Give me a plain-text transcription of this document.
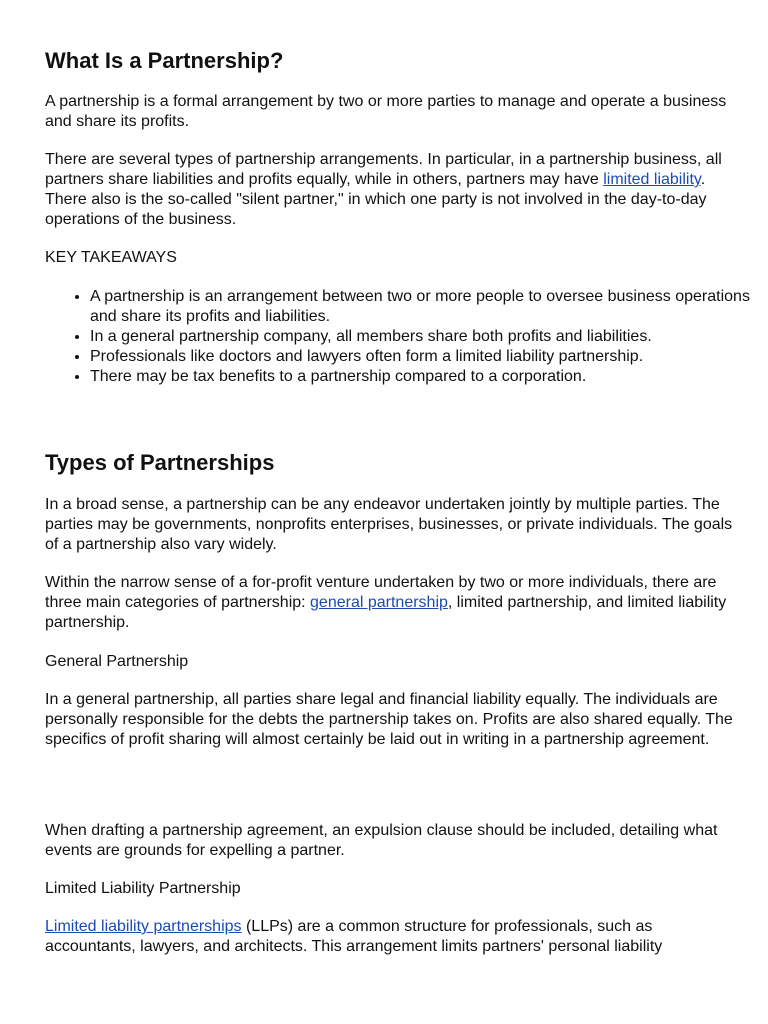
What Is a Partnership?

A partnership is a formal arrangement by two or more parties to manage and operate a business and share its profits.

There are several types of partnership arrangements. In particular, in a partnership business, all partners share liabilities and profits equally, while in others, partners may have limited liability. There also is the so-called "silent partner," in which one party is not involved in the day-to-day operations of the business.

KEY TAKEAWAYS

• A partnership is an arrangement between two or more people to oversee business operations and share its profits and liabilities.
• In a general partnership company, all members share both profits and liabilities.
• Professionals like doctors and lawyers often form a limited liability partnership.
• There may be tax benefits to a partnership compared to a corporation.
Types of Partnerships

In a broad sense, a partnership can be any endeavor undertaken jointly by multiple parties. The parties may be governments, nonprofits enterprises, businesses, or private individuals. The goals of a partnership also vary widely.

Within the narrow sense of a for-profit venture undertaken by two or more individuals, there are three main categories of partnership: general partnership, limited partnership, and limited liability partnership.

General Partnership

In a general partnership, all parties share legal and financial liability equally. The individuals are personally responsible for the debts the partnership takes on. Profits are also shared equally. The specifics of profit sharing will almost certainly be laid out in writing in a partnership agreement.

When drafting a partnership agreement, an expulsion clause should be included, detailing what events are grounds for expelling a partner.

Limited Liability Partnership

Limited liability partnerships (LLPs) are a common structure for professionals, such as accountants, lawyers, and architects. This arrangement limits partners' personal liability
